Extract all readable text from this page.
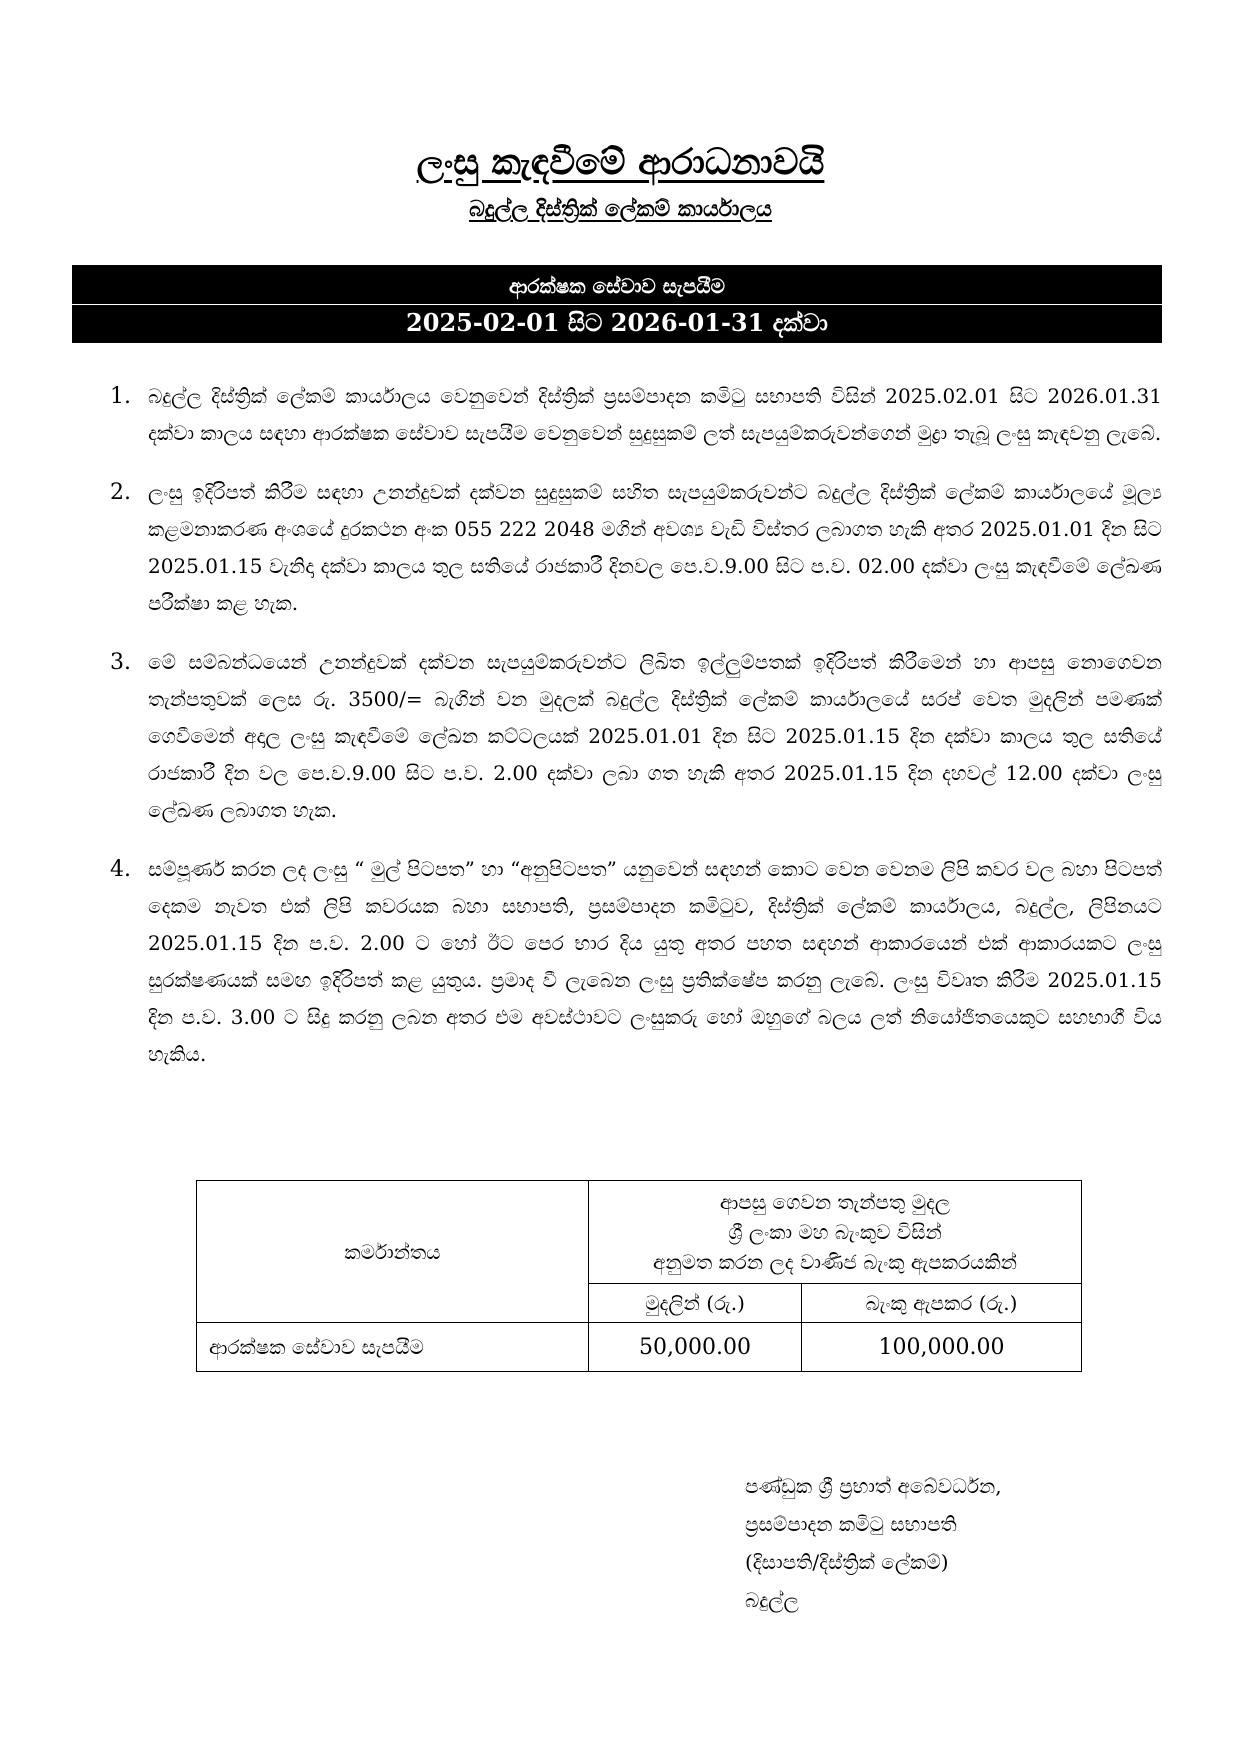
ලංසු කැඳවීමේ ආරාධනාවයි
බදුල්ල දිස්ත්‍රික් ලේකම් කාර්යාලය
ආරක්ෂක සේවාව සැපයීම
2025-02-01 සිට 2026-01-31 දක්වා
1. බදුල්ල දිස්ත්‍රික් ලේකම් කාර්යාලය වෙනුවෙන් දිස්ත්‍රික් ප්‍රසම්පාදන කමිටු සභාපති විසින් 2025.02.01 සිට 2026.01.31 දක්වා කාලය සඳහා ආරක්ෂක සේවාව සැපයීම වෙනුවෙන් සුදුසුකම් ලත් සැපයුම්කරුවන්ගෙන් මුද්‍රා තැබූ ලංසු කැඳවනු ලැබේ.
2. ලංසු ඉදිරිපත් කිරීම සඳහා උනන්දුවක් දක්වන සුදුසුකම් සහිත සැපයුම්කරුවන්ට බදුල්ල දිස්ත්‍රික් ලේකම් කාර්යාලයේ මූල්‍ය කළමනාකරණ අංශයේ දුරකථන අංක 055 222 2048 මගින් අවශ්‍ය වැඩි විස්තර ලබාගත හැකි අතර 2025.01.01 දින සිට 2025.01.15 වැනිදා දක්වා කාලය තුල සතියේ රාජකාරී දිනවල පෙ.ව.9.00 සිට ප.ව. 02.00 දක්වා ලංසු කැඳවීමේ ලේඛණ පරීක්ෂා කළ හැක.
3. මේ සම්බන්ධයෙන් උනන්දුවක් දක්වන සැපයුම්කරුවන්ට ලිඛිත ඉල්ලුම්පතක් ඉදිරිපත් කිරීමෙන් හා ආපසු නොගෙවන තැන්පතුවක් ලෙස රු. 3500/= බැගින් වන මුදලක් බදුල්ල දිස්ත්‍රික් ලේකම් කාර්යාලයේ සරප් වෙත මුදලින් පමණක් ගෙවීමෙන් අදාල ලංසු කැඳවීමේ ලේඛන කට්ටලයක් 2025.01.01 දින සිට 2025.01.15 දින දක්වා කාලය තුල සතියේ රාජකාරී දින වල පෙ.ව.9.00 සිට ප.ව. 2.00 දක්වා ලබා ගත හැකි අතර 2025.01.15 දින දහවල් 12.00 දක්වා ලංසු ලේඛණ ලබාගත හැක.
4. සම්පූර්ණ කරන ලද ලංසු “ මුල් පිටපත” හා “අනුපිටපත” යනුවෙන් සඳහන් කොට වෙන වෙනම ලිපි කවර වල බහා පිටපත් දෙකම නැවත එක් ලිපි කවරයක බහා සභාපති, ප්‍රසම්පාදන කමිටුව, දිස්ත්‍රික් ලේකම් කාර්යාලය, බදුල්ල, ලිපිනයට 2025.01.15 දින ප.ව. 2.00 ට හෝ ඊට පෙර භාර දිය යුතු අතර පහත සඳහන් ආකාරයෙන් එක් ආකාරයකට ලංසු සුරක්ෂණයක් සමඟ ඉදිරිපත් කළ යුතුය. ප්‍රමාද වී ලැබෙන ලංසු ප්‍රතික්ෂේප කරනු ලැබේ. ලංසු විවෘත කිරීම 2025.01.15 දින ප.ව. 3.00 ට සිදු කරනු ලබන අතර එම අවස්ථාවට ලංසුකරු හෝ ඔහුගේ බලය ලත් නියෝජිතයෙකුට සහභාගී විය හැකිය.
කර්මාන්තය	ආපසු ගෙවන තැන්පතු මුදල
ශ්‍රී ලංකා මහ බැංකුව විසින්
අනුමත කරන ලද වාණිජ බැංකු ඇපකරයකින්	

	මුදලින් (රු.)	බැංකු ඇපකර (රු.)
ආරක්ෂක සේවාව සැපයීම	50,000.00	100,000.00
පණ්ඩුක ශ්‍රී ප්‍රභාත් අබේවර්ධන,
ප්‍රසම්පාදන කමිටු සභාපති
(දිසාපති/දිස්ත්‍රික් ලේකම්)
බදුල්ල
